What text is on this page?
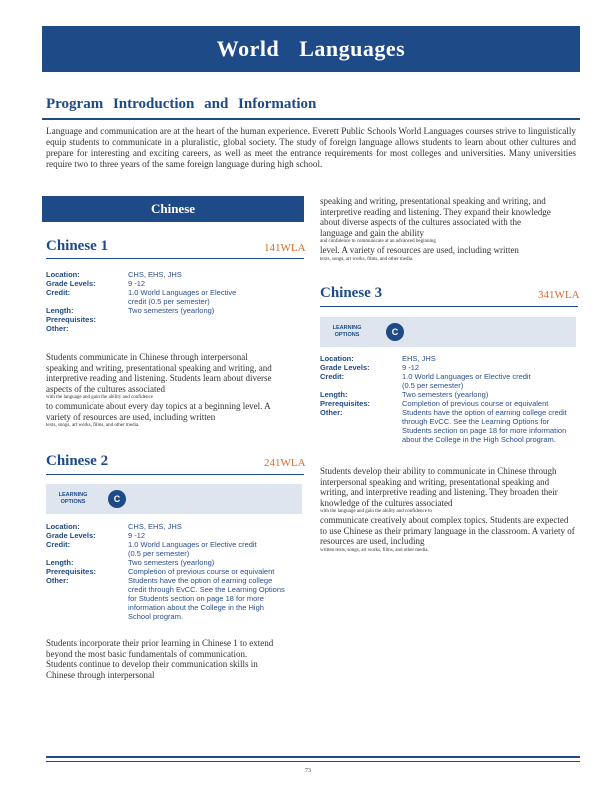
World Languages
Program Introduction and Information
Language and communication are at the heart of the human experience. Everett Public Schools World Languages courses strive to linguistically equip students to communicate in a pluralistic, global society. The study of foreign language allows students to learn about other cultures and prepare for interesting and exciting careers, as well as meet the entrance requirements for most colleges and universities. Many universities require two to three years of the same foreign language during high school.
Chinese
Chinese 1	141WLA
Location:	CHS, EHS, JHS
Grade Levels:	9 -12
Credit:	1.0 World Languages or Elective credit (0.5 per semester)
Length:	Two semesters (yearlong)
Prerequisites:
Other:
Students communicate in Chinese through interpersonal speaking and writing, presentational speaking and writing, and interpretive reading and listening. Students learn about diverse aspects of the cultures associated
with the language and gain the ability and confidence
to communicate about every day topics at a beginning level. A variety of resources are used, including written
texts, songs, art works, films, and other media.
Chinese 2	241WLA
LEARNING OPTIONS	C
Location:	CHS, EHS, JHS
Grade Levels:	9 -12
Credit:	1.0 World Languages or Elective credit (0.5 per semester)
Length:	Two semesters (yearlong)
Prerequisites:	Completion of previous course or equivalent
Other:	Students have the option of earning college credit through EvCC. See the Learning Options for Students section on page 18 for more information about the College in the High School program.
Students incorporate their prior learning in Chinese 1 to extend beyond the most basic fundamentals of communication. Students continue to develop their communication skills in Chinese through interpersonal
speaking and writing, presentational speaking and writing, and interpretive reading and listening. They expand their knowledge about diverse aspects of the cultures associated with the language and gain the ability
and confidence to communicate at an advanced beginning
level. A variety of resources are used, including written
texts, songs, art works, films, and other media.
Chinese 3	341WLA
LEARNING OPTIONS	C
Location:	EHS, JHS
Grade Levels:	9 -12
Credit:	1.0 World Languages or Elective credit (0.5 per semester)
Length:	Two semesters (yearlong)
Prerequisites:	Completion of previous course or equivalent
Other:	Students have the option of earning college credit through EvCC. See the Learning Options for Students section on page 18 for more information about the College in the High School program.
Students develop their ability to communicate in Chinese through interpersonal speaking and writing, presentational speaking and writing, and interpretive reading and listening. They broaden their knowledge of the cultures associated
with the language and gain the ability and confidence to
communicate creatively about complex topics. Students are expected to use Chinese as their primary language in the classroom. A variety of resources are used, including
written texts, songs, art works, films, and other media.
73
